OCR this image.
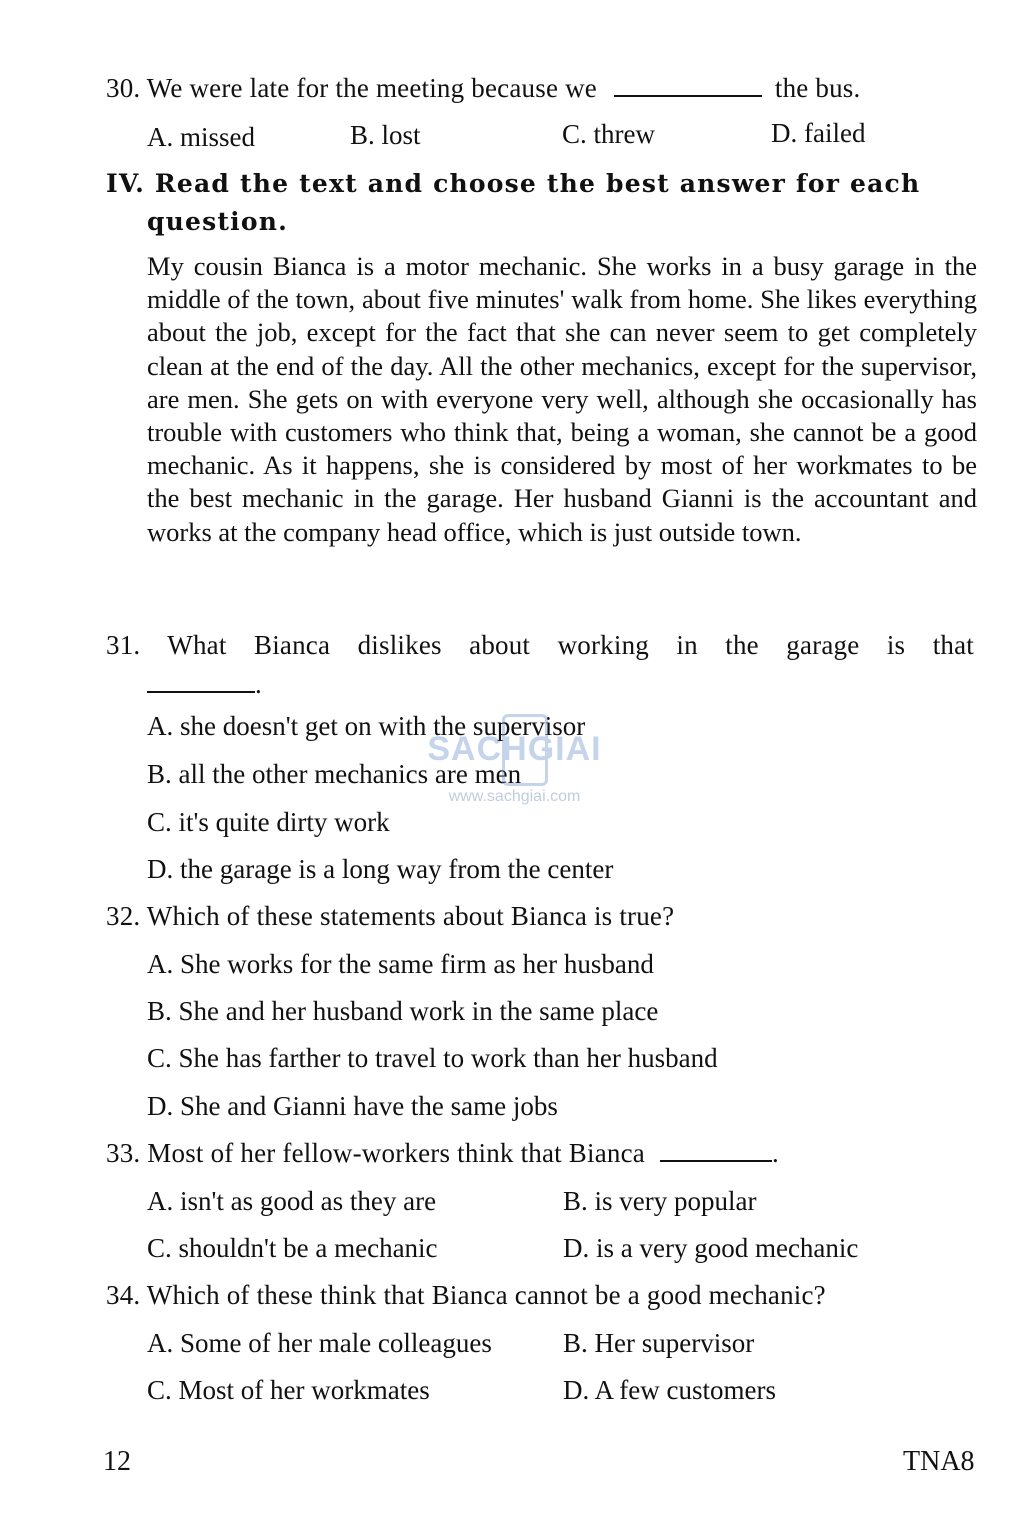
30. We were late for the meeting because we	the bus.
A. missed	B. lost	C. threw	D. failed
IV. Read the text and choose the best answer for each
question.
My cousin Bianca is a motor mechanic. She works in a busy garage in the middle of the town, about five minutes' walk from home. She likes everything about the job, except for the fact that she can never seem to get completely clean at the end of the day. All the other mechanics, except for the supervisor, are men. She gets on with everyone very well, although she occasionally has trouble with customers who think that, being a woman, she cannot be a good mechanic. As it happens, she is considered by most of her workmates to be the best mechanic in the garage. Her husband Gianni is the accountant and works at the company head office, which is just outside town.
31. What Bianca dislikes about working in the garage is that
.
A. she doesn't get on with the supervisor
B. all the other mechanics are men
C. it's quite dirty work
D. the garage is a long way from the center
32. Which of these statements about Bianca is true?
A. She works for the same firm as her husband
B. She and her husband work in the same place
C. She has farther to travel to work than her husband
D. She and Gianni have the same jobs
33. Most of her fellow-workers think that Bianca	.
A. isn't as good as they are	B. is very popular
C. shouldn't be a mechanic	D. is a very good mechanic
34. Which of these think that Bianca cannot be a good mechanic?
A. Some of her male colleagues	B. Her supervisor
C. Most of her workmates	D. A few customers
SACHGIAI
www.sachgiai.com
12	TNA8
